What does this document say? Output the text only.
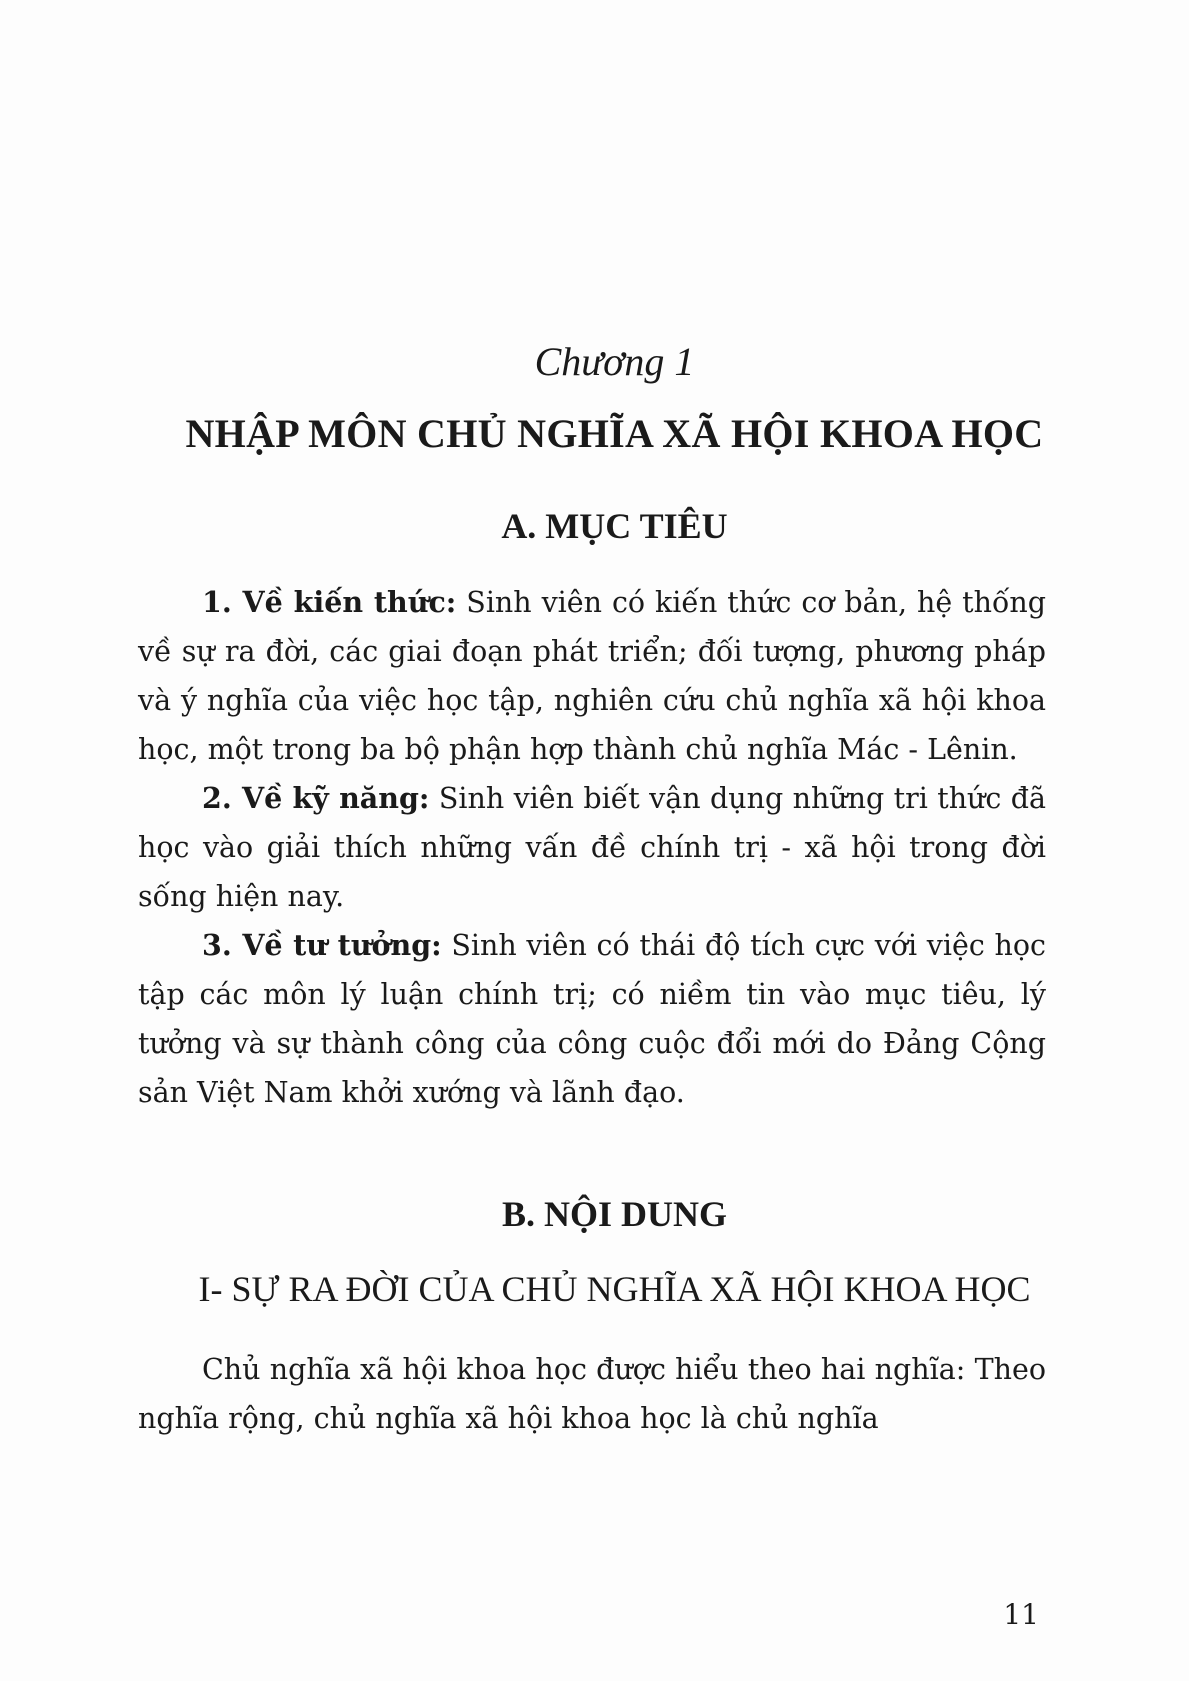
Chương 1
NHẬP MÔN CHỦ NGHĨA XÃ HỘI KHOA HỌC
A. MỤC TIÊU

1. Về kiến thức: Sinh viên có kiến thức cơ bản, hệ thống về sự ra đời, các giai đoạn phát triển; đối tượng, phương pháp và ý nghĩa của việc học tập, nghiên cứu chủ nghĩa xã hội khoa học, một trong ba bộ phận hợp thành chủ nghĩa Mác - Lênin.

2. Về kỹ năng: Sinh viên biết vận dụng những tri thức đã học vào giải thích những vấn đề chính trị - xã hội trong đời sống hiện nay.

3. Về tư tưởng: Sinh viên có thái độ tích cực với việc học tập các môn lý luận chính trị; có niềm tin vào mục tiêu, lý tưởng và sự thành công của công cuộc đổi mới do Đảng Cộng sản Việt Nam khởi xướng và lãnh đạo.

B. NỘI DUNG
I- SỰ RA ĐỜI CỦA CHỦ NGHĨA XÃ HỘI KHOA HỌC

Chủ nghĩa xã hội khoa học được hiểu theo hai nghĩa: Theo nghĩa rộng, chủ nghĩa xã hội khoa học là chủ nghĩa

11
